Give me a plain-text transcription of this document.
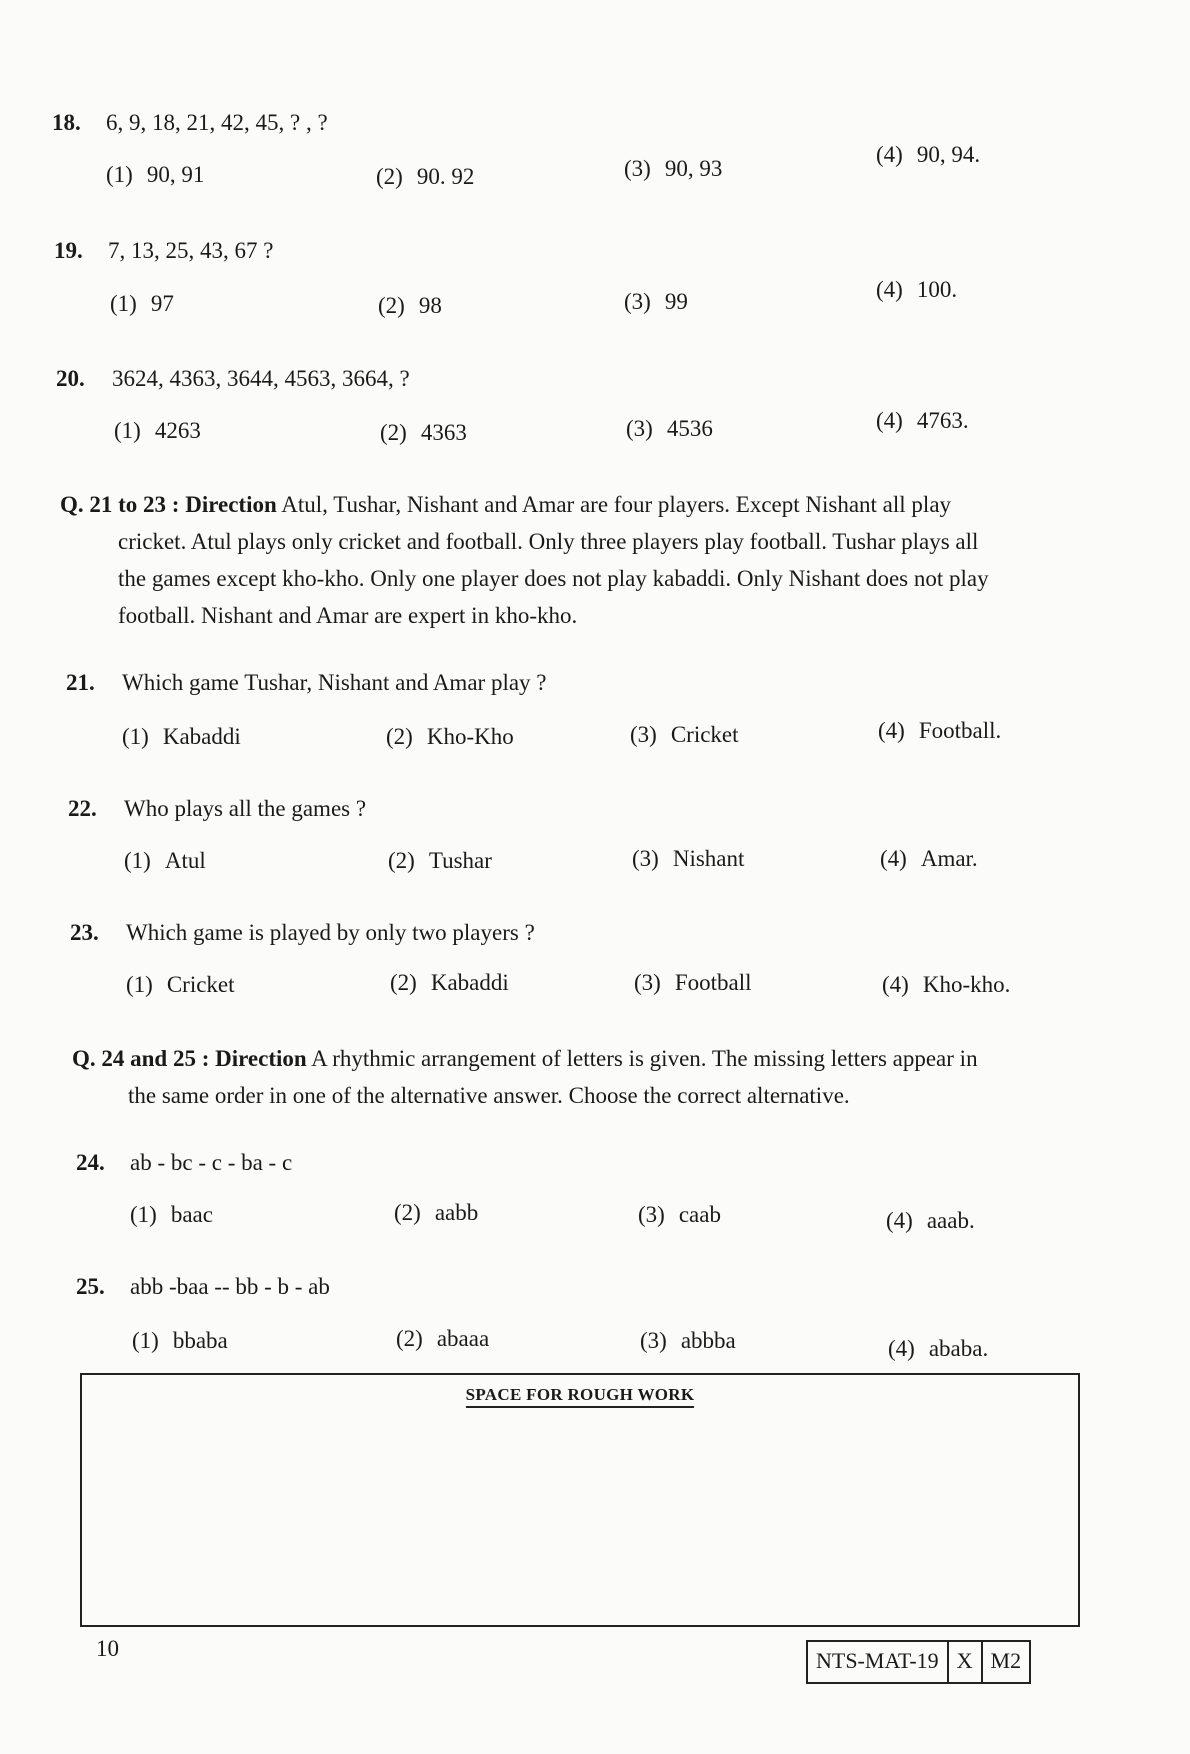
18. 6, 9, 18, 21, 42, 45, ? , ?
(1) 90, 91	(2) 90. 92	(3) 90, 93
(4) 90, 94.
19. 7, 13, 25, 43, 67 ?
(1) 97	(2) 98	(3) 99	(4) 100.
20. 3624, 4363, 3644, 4563, 3664, ?
(1) 4263	(2) 4363	(3) 4536	(4) 4763.
Q. 21 to 23 : Direction Atul, Tushar, Nishant and Amar are four players. Except Nishant all play
cricket. Atul plays only cricket and football. Only three players play football. Tushar plays all
the games except kho-kho. Only one player does not play kabaddi. Only Nishant does not play
football. Nishant and Amar are expert in kho-kho.
21. Which game Tushar, Nishant and Amar play ?
(1) Kabaddi	(2) Kho-Kho	(3) Cricket	(4) Football.
22. Who plays all the games ?
(1) Atul	(2) Tushar	(3) Nishant	(4) Amar.
23. Which game is played by only two players ?
(1) Cricket	(2) Kabaddi	(3) Football	(4) Kho-kho.
Q. 24 and 25 : Direction A rhythmic arrangement of letters is given. The missing letters appear in
the same order in one of the alternative answer. Choose the correct alternative.
24. ab - bc - c - ba - c
(1) baac	(2) aabb	(3) caab	(4) aaab.
25. abb -baa -- bb - b - ab
(1) bbaba	(2) abaaa	(3) abbba	(4) ababa.
SPACE FOR ROUGH WORK
10	NTS-MAT-19 X M2
